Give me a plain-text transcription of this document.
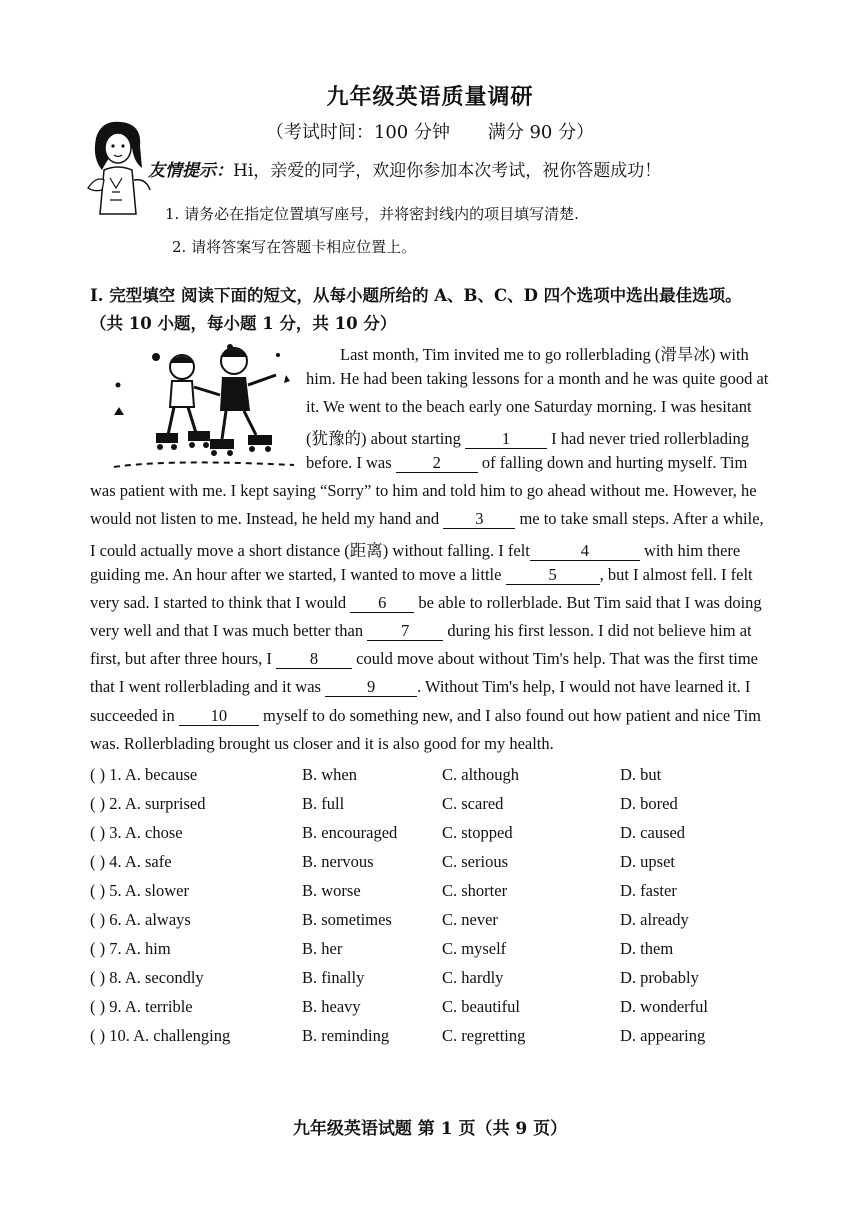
九年级英语质量调研
（考试时间：100 分钟 满分 90 分）
友情提示：Hi，亲爱的同学，欢迎你参加本次考试，祝你答题成功！
1. 请务必在指定位置填写座号，并将密封线内的项目填写清楚.
2. 请将答案写在答题卡相应位置上。
I. 完型填空 阅读下面的短文，从每小题所给的 A、B、C、D 四个选项中选出最佳选项。
（共 10 小题，每小题 1 分，共 10 分）
Last month, Tim invited me to go rollerblading (滑旱冰) with
him. He had been taking lessons for a month and he was quite good at
it. We went to the beach early one Saturday morning. I was hesitant
(犹豫的) about starting 1 I had never tried rollerblading
before. I was 2 of falling down and hurting myself. Tim
was patient with me. I kept saying “Sorry” to him and told him to go ahead without me. However, he
would not listen to me. Instead, he held my hand and 3 me to take small steps. After a while,
I could actually move a short distance (距离) without falling. I felt	4	with him there
guiding me. An hour after we started, I wanted to move a little	5	, but I almost fell. I felt
very sad. I started to think that I would 6 be able to rollerblade. But Tim said that I was doing
very well and that I was much better than 7 during his first lesson. I did not believe him at
first, but after three hours, I 8 could move about without Tim's help. That was the first time
that I went rollerblading and it was	9	. Without Tim's help, I would not have learned it. I
succeeded in 10 myself to do something new, and I also found out how patient and nice Tim
was. Rollerblading brought us closer and it is also good for my health.
( ) 1. A. because	B. when	C. although	D. but
( ) 2. A. surprised	B. full	C. scared	D. bored
( ) 3. A. chose	B. encouraged	C. stopped	D. caused
( ) 4. A. safe	B. nervous	C. serious	D. upset
( ) 5. A. slower	B. worse	C. shorter	D. faster
( ) 6. A. always	B. sometimes	C. never	D. already
( ) 7. A. him	B. her	C. myself	D. them
( ) 8. A. secondly	B. finally	C. hardly	D. probably
( ) 9. A. terrible	B. heavy	C. beautiful	D. wonderful
( ) 10. A. challenging	B. reminding	C. regretting	D. appearing
九年级英语试题 第 1 页（共 9 页）
